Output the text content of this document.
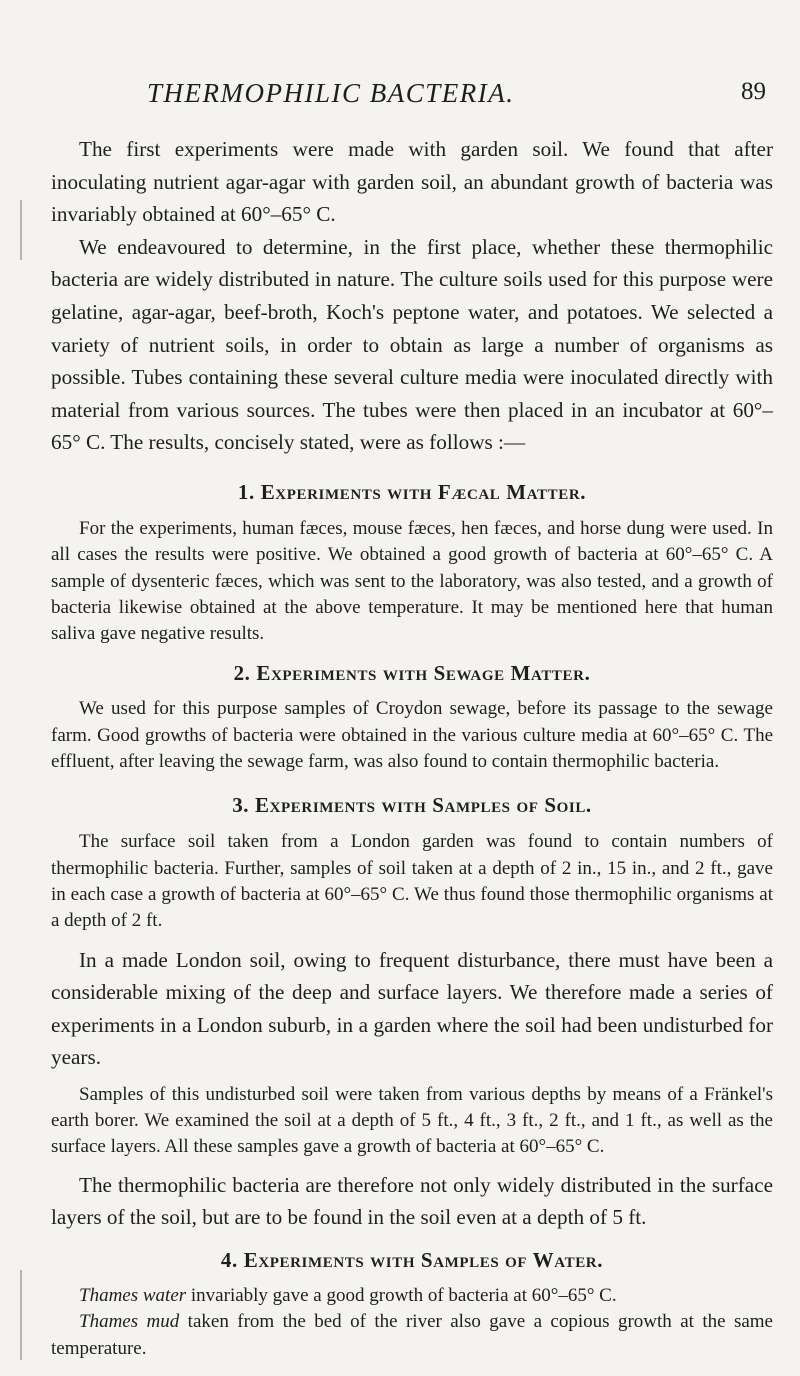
THERMOPHILIC BACTERIA.	89

The first experiments were made with garden soil. We found that after inoculating nutrient agar-agar with garden soil, an abundant growth of bacteria was invariably obtained at 60°–65° C.

We endeavoured to determine, in the first place, whether these thermophilic bacteria are widely distributed in nature. The culture soils used for this purpose were gelatine, agar-agar, beef-broth, Koch's peptone water, and potatoes. We selected a variety of nutrient soils, in order to obtain as large a number of organisms as possible. Tubes containing these several culture media were inoculated directly with material from various sources. The tubes were then placed in an incubator at 60°–65° C. The results, concisely stated, were as follows :—

1. Experiments with Fæcal Matter.

For the experiments, human fæces, mouse fæces, hen fæces, and horse dung were used. In all cases the results were positive. We obtained a good growth of bacteria at 60°–65° C. A sample of dysenteric fæces, which was sent to the laboratory, was also tested, and a growth of bacteria likewise obtained at the above temperature. It may be mentioned here that human saliva gave negative results.

2. Experiments with Sewage Matter.

We used for this purpose samples of Croydon sewage, before its passage to the sewage farm. Good growths of bacteria were obtained in the various culture media at 60°–65° C. The effluent, after leaving the sewage farm, was also found to contain thermophilic bacteria.

3. Experiments with Samples of Soil.

The surface soil taken from a London garden was found to contain numbers of thermophilic bacteria. Further, samples of soil taken at a depth of 2 in., 15 in., and 2 ft., gave in each case a growth of bacteria at 60°–65° C. We thus found those thermophilic organisms at a depth of 2 ft.

In a made London soil, owing to frequent disturbance, there must have been a considerable mixing of the deep and surface layers. We therefore made a series of experiments in a London suburb, in a garden where the soil had been undisturbed for years.

Samples of this undisturbed soil were taken from various depths by means of a Fränkel's earth borer. We examined the soil at a depth of 5 ft., 4 ft., 3 ft., 2 ft., and 1 ft., as well as the surface layers. All these samples gave a growth of bacteria at 60°–65° C.

The thermophilic bacteria are therefore not only widely distributed in the surface layers of the soil, but are to be found in the soil even at a depth of 5 ft.

4. Experiments with Samples of Water.

Thames water invariably gave a good growth of bacteria at 60°–65° C.

Thames mud taken from the bed of the river also gave a copious growth at the same temperature.
